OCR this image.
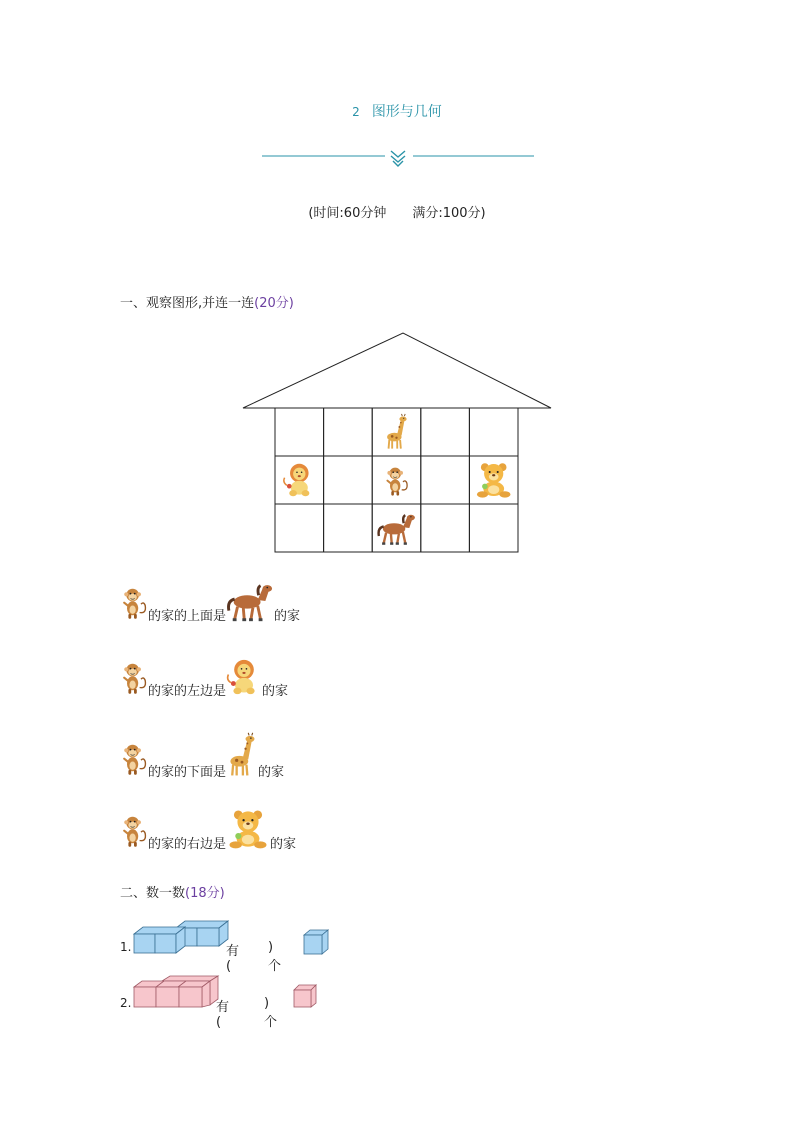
2 图形与几何
(时间:60分钟 满分:100分)
一、观察图形,并连一连(20分)
的家的上面是	的家
的家的左边是	的家
的家的下面是 的家
的家的右边是	的家
二、数一数(18分)
1.	有(
)个
2.	有(
)个
